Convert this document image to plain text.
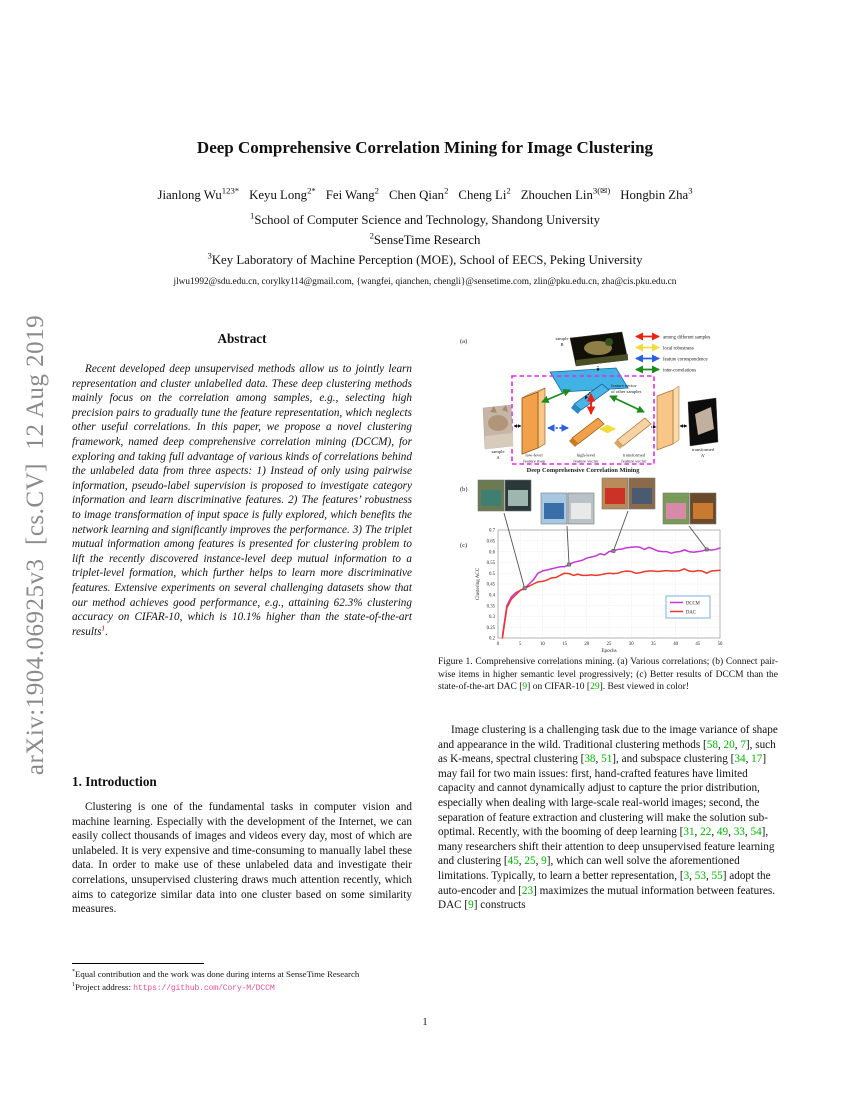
arXiv:1904.06925v3  [cs.CV]  12 Aug 2019
Deep Comprehensive Correlation Mining for Image Clustering
Jianlong $Wu^{123*}$ Keyu Long$^{2*}$ Fei Wang$^2$ Chen Qian$^2$ Cheng Li$^2$ Zhouchen Lin$^{3(✉)}$ Hongbin Zha$^3$
$^1$School of Computer Science and Technology, Shandong University
$^2$SenseTime Research
$^3$Key Laboratory of Machine Perception (MOE), School of EECS, Peking University
jlwu1992@sdu.edu.cn, corylky114@gmail.com, {wangfei, qianchen, chengli}@sensetime.com, zlin@pku.edu.cn, zha@cis.pku.edu.cn
Abstract

Recent developed deep unsupervised methods allow us to jointly learn representation and cluster unlabelled data. These deep clustering methods mainly focus on the correlation among samples, e.g., selecting high precision pairs to gradually tune the feature representation, which neglects other useful correlations. In this paper, we propose a novel clustering framework, named deep comprehensive correlation mining (DCCM), for exploring and taking full advantage of various kinds of correlations behind the unlabeled data from three aspects: 1) Instead of only using pairwise information, pseudo-label supervision is proposed to investigate category information and learn discriminative features. 2) The features’ robustness to image transformation of input space is fully explored, which benefits the network learning and significantly improves the performance. 3) The triplet mutual information among features is presented for clustering problem to lift the recently discovered instance-level deep mutual information to a triplet-level formation, which further helps to learn more discriminative features. Extensive experiments on several challenging datasets show that our method achieves good performance, e.g., attaining 62.3% clustering accuracy on CIFAR-10, which is 10.1% higher than the state-of-the-art results$^1$.

1. Introduction

Clustering is one of the fundamental tasks in computer vision and machine learning. Especially with the development of the Internet, we can easily collect thousands of images and videos every day, most of which are unlabeled. It is very expensive and time-consuming to manually label these data. In order to make use of these unlabeled data and investigate their correlations, unsupervised clustering draws much attention recently, which aims to categorize similar data into one cluster based on some similarity measures.

*Equal contribution and the work was done during interns at SenseTime Research
$^1$Project address: https://github.com/Cory-M/DCCM
(a)	sample
B
among different samples
local robustness
feature correspondence
inter-correlations
feature vector
of other samples
sample
A	low-level
feature map
high-level
feature vector
transformed
feature vector
transformed
A′
Deep Comprehensive Correlation Mining
(b)
(c)
0.2
0.25
0.3
0.35
0.4
0.45
0.5
0.55
0.6
0.65
0.7
0	5	10	15	20	25	30	35	40	45	50
Clustering ACC
Epochs
DCCM
DAC

Figure 1. Comprehensive correlations mining. (a) Various correlations; (b) Connect pair-wise items in higher semantic level progressively; (c) Better results of DCCM than the state-of-the-art DAC [9] on CIFAR-10 [29]. Best viewed in color!

Image clustering is a challenging task due to the image variance of shape and appearance in the wild. Traditional clustering methods [58, 20, 7], such as K-means, spectral clustering [38, 51], and subspace clustering [34, 17] may fail for two main issues: first, hand-crafted features have limited capacity and cannot dynamically adjust to capture the prior distribution, especially when dealing with large-scale real-world images; second, the separation of feature extraction and clustering will make the solution sub-optimal. Recently, with the booming of deep learning [31, 22, 49, 33, 54], many researchers shift their attention to deep unsupervised feature learning and clustering [45, 25, 9], which can well solve the aforementioned limitations. Typically, to learn a better representation, [3, 53, 55] adopt the auto-encoder and [23] maximizes the mutual information between features. DAC [9] constructs

1
